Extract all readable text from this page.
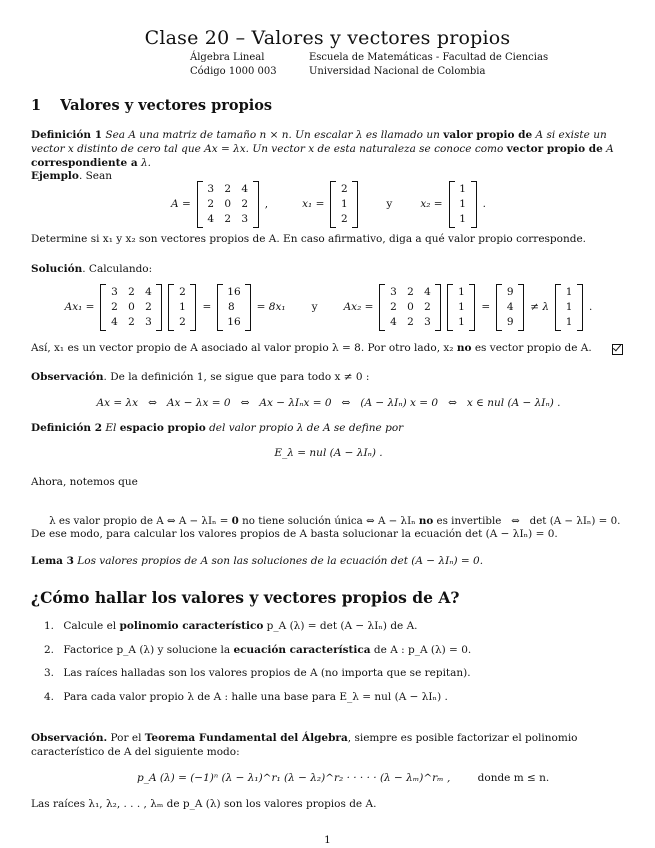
Clase 20 – Valores y vectores propios
Álgebra Lineal
Código 1000 003
Escuela de Matemáticas - Facultad de Ciencias
Universidad Nacional de Colombia
1 Valores y vectores propios
Definición 1 Sea A una matriz de tamaño n × n. Un escalar λ es llamado un valor propio de A si existe un vector x distinto de cero tal que Ax = λx. Un vector x de esta naturaleza se conoce como vector propio de A correspondiente a λ.
Ejemplo. Sean
A =
3 2 4
2 0 2
4 2 3
,	x₁ =
2
1
2
y	x₂ =
1
1
1
.
Determine si x₁ y x₂ son vectores propios de A. En caso afirmativo, diga a qué valor propio corresponde.
Solución. Calculando:
Ax₁ =
3 2 4
2 0 2
4 2 3
2
1
2
=
16
8
16
= 8x₁ y Ax₂ =
3 2 4
2 0 2
4 2 3
1
1
1
=
9
4
9
≠ λ
1
1
1
.
Así, x₁ es un vector propio de A asociado al valor propio λ = 8. Por otro lado, x₂ no es vector propio de A.
Observación. De la definición 1, se sigue que para todo x ≠ 0 :
Ax = λx   ⇔   Ax − λx = 0   ⇔   Ax − λIₙx = 0   ⇔   (A − λIₙ) x = 0   ⇔   x ∈ nul (A − λIₙ) .
Definición 2 El espacio propio del valor propio λ de A se define por
E_λ = nul (A − λIₙ) .
Ahora, notemos que

λ es valor propio de A ⇔ A − λIₙ = 0 no tiene solución única ⇔ A − λIₙ no es invertible   ⇔   det (A − λIₙ) = 0.

De ese modo, para calcular los valores propios de A basta solucionar la ecuación det (A − λIₙ) = 0.
Lema 3 Los valores propios de A son las soluciones de la ecuación det (A − λIₙ) = 0.
¿Cómo hallar los valores y vectores propios de A?
1. Calcule el polinomio característico p_A (λ) = det (A − λIₙ) de A.
2. Factorice p_A (λ) y solucione la ecuación característica de A : p_A (λ) = 0.
3. Las raíces halladas son los valores propios de A (no importa que se repitan).
4. Para cada valor propio λ de A : halle una base para E_λ = nul (A − λIₙ) .
Observación. Por el Teorema Fundamental del Álgebra, siempre es posible factorizar el polinomio característico de A del siguiente modo:
p_A (λ) = (−1)ⁿ (λ − λ₁)^r₁ (λ − λ₂)^r₂ · · · · · (λ − λₘ)^rₘ ,	donde m ≤ n.
Las raíces λ₁, λ₂, . . . , λₘ de p_A (λ) son los valores propios de A.
1
